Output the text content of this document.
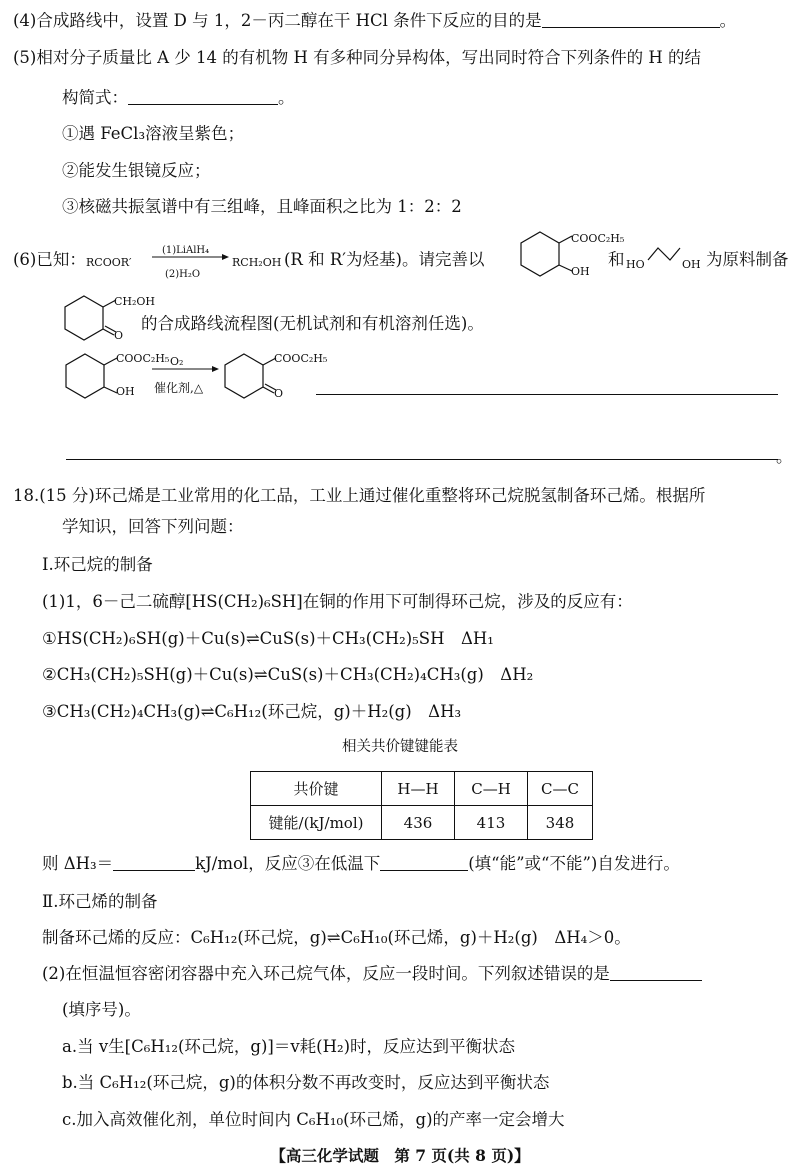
(4)合成路线中，设置 D 与 1，2－丙二醇在干 HCl 条件下反应的目的是	。
(5)相对分子质量比 A 少 14 的有机物 H 有多种同分异构体，写出同时符合下列条件的 H 的结
构简式：	。
①遇 FeCl₃溶液呈紫色；
②能发生银镜反应；
③核磁共振氢谱中有三组峰，且峰面积之比为 1：2：2
(6)已知： RCOOR′
(1)LiAlH₄
(2)H₂O
RCH₂OH (R 和 R′为烃基)。请完善以
COOC₂H₅
OH
和 HO	OH 为原料制备
CH₂OH
O
的合成路线流程图(无机试剂和有机溶剂任选)。
COOC₂H₅
OH
O₂
催化剂,△
COOC₂H₅
O
。
18.(15 分)环己烯是工业常用的化工品，工业上通过催化重整将环己烷脱氢制备环己烯。根据所
学知识，回答下列问题：
Ⅰ.环己烷的制备
(1)1，6－己二硫醇[HS(CH₂)₆SH]在铜的作用下可制得环己烷，涉及的反应有：
①HS(CH₂)₆SH(g)＋Cu(s)⇌CuS(s)＋CH₃(CH₂)₅SH　ΔH₁
②CH₃(CH₂)₅SH(g)＋Cu(s)⇌CuS(s)＋CH₃(CH₂)₄CH₃(g)　ΔH₂
③CH₃(CH₂)₄CH₃(g)⇌C₆H₁₂(环己烷，g)＋H₂(g)　ΔH₃
相关共价键键能表
共价键	H—H	C—H	C—C
键能/(kJ/mol)	436	413	348
则 ΔH₃＝	kJ/mol，反应③在低温下	(填“能”或“不能”)自发进行。
Ⅱ.环己烯的制备
制备环己烯的反应：C₆H₁₂(环己烷，g)⇌C₆H₁₀(环己烯，g)＋H₂(g)　ΔH₄＞0。
(2)在恒温恒容密闭容器中充入环己烷气体，反应一段时间。下列叙述错误的是
(填序号)。
a.当 v生[C₆H₁₂(环己烷，g)]＝v耗(H₂)时，反应达到平衡状态
b.当 C₆H₁₂(环己烷，g)的体积分数不再改变时，反应达到平衡状态
c.加入高效催化剂，单位时间内 C₆H₁₀(环己烯，g)的产率一定会增大
【高三化学试题　第 7 页(共 8 页)】
